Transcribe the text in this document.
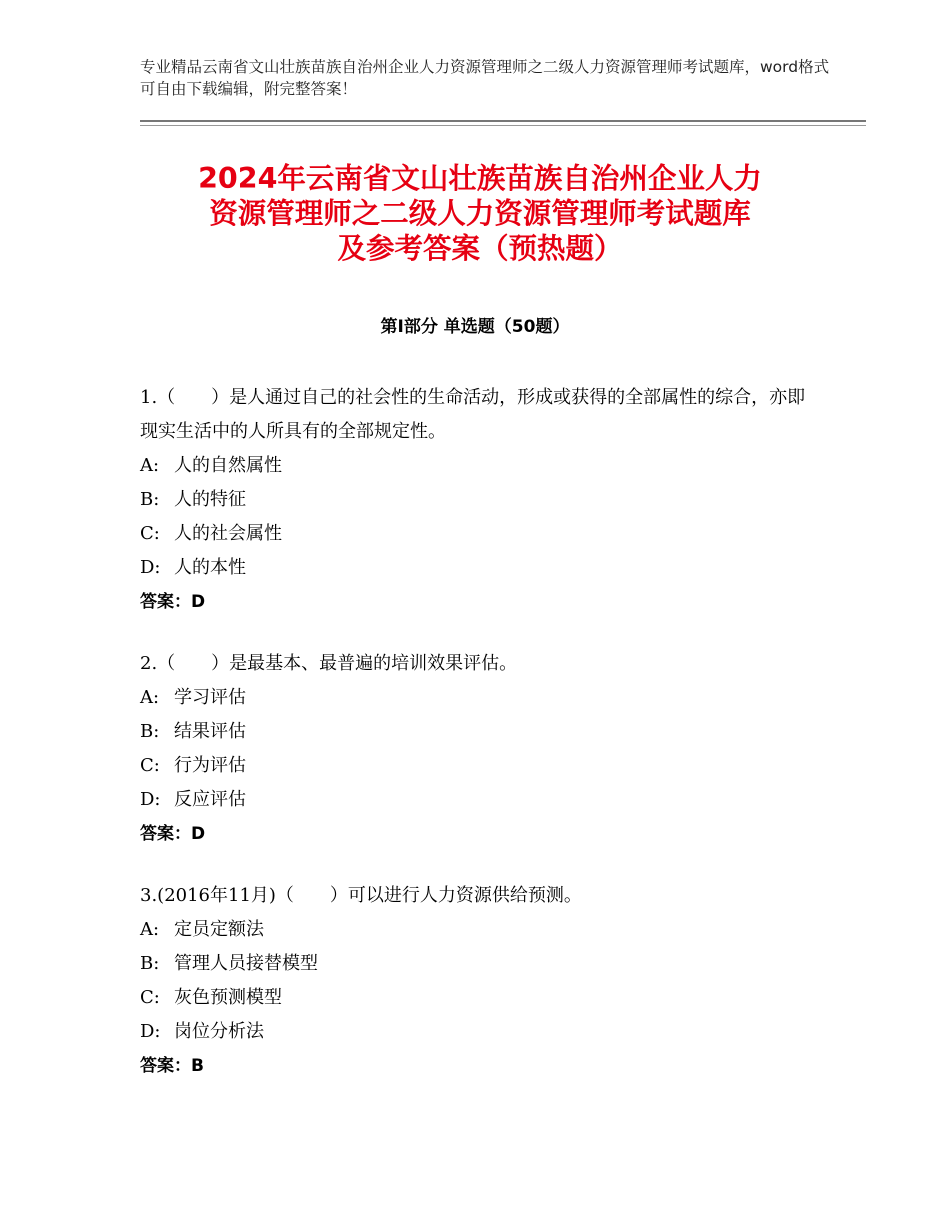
专业精品云南省文山壮族苗族自治州企业人力资源管理师之二级人力资源管理师考试题库，word格式可自由下载编辑，附完整答案！
2024年云南省文山壮族苗族自治州企业人力
资源管理师之二级人力资源管理师考试题库
及参考答案（预热题）
第Ⅰ部分 单选题（50题）
1.（　　）是人通过自己的社会性的生命活动，形成或获得的全部属性的综合，亦即现实生活中的人所具有的全部规定性。
A: 人的自然属性
B: 人的特征
C: 人的社会属性
D: 人的本性
答案：D
2.（　　）是最基本、最普遍的培训效果评估。
A: 学习评估
B: 结果评估
C: 行为评估
D: 反应评估
答案：D
3.(2016年11月)（　　）可以进行人力资源供给预测。
A: 定员定额法
B: 管理人员接替模型
C: 灰色预测模型
D: 岗位分析法
答案：B
